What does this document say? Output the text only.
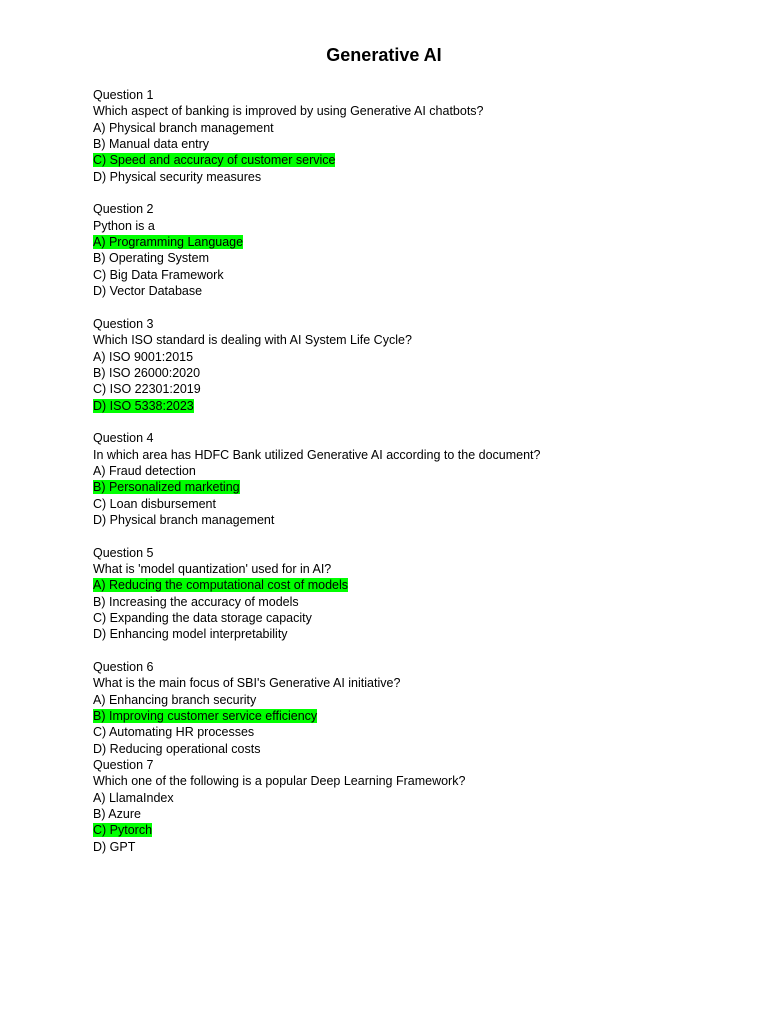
Generative AI
Question 1
Which aspect of banking is improved by using Generative AI chatbots?
A) Physical branch management
B) Manual data entry
C) Speed and accuracy of customer service
D) Physical security measures
Question 2
Python is a
A) Programming Language
B) Operating System
C) Big Data Framework
D) Vector Database
Question 3
Which ISO standard is dealing with AI System Life Cycle?
A) ISO 9001:2015
B) ISO 26000:2020
C) ISO 22301:2019
D) ISO 5338:2023
Question 4
In which area has HDFC Bank utilized Generative AI according to the document?
A) Fraud detection
B) Personalized marketing
C) Loan disbursement
D) Physical branch management
Question 5
What is 'model quantization' used for in AI?
A) Reducing the computational cost of models
B) Increasing the accuracy of models
C) Expanding the data storage capacity
D) Enhancing model interpretability
Question 6
What is the main focus of SBI's Generative AI initiative?
A) Enhancing branch security
B) Improving customer service efficiency
C) Automating HR processes
D) Reducing operational costs
Question 7
Which one of the following is a popular Deep Learning Framework?
A) LlamaIndex
B) Azure
C) Pytorch
D) GPT
